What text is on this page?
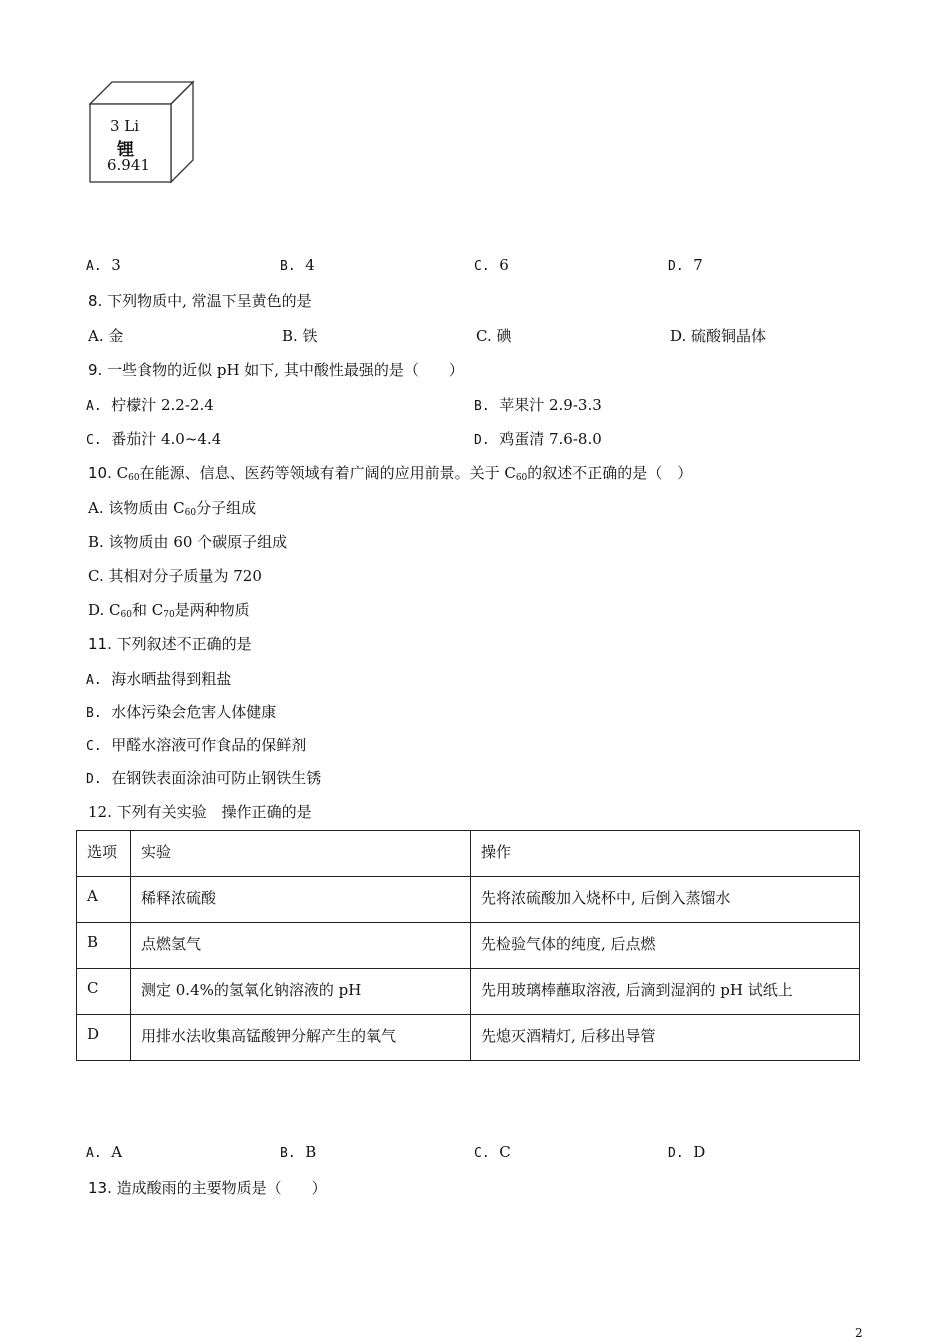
3 Li
锂
6.941
A. 3	B. 4	C. 6	D. 7
8. 下列物质中, 常温下呈黄色的是
A. 金	B. 铁	C. 碘	D. 硫酸铜晶体
9. 一些食物的近似 pH 如下, 其中酸性最强的是（　　）
A. 柠檬汁 2.2-2.4	B. 苹果汁 2.9-3.3
C. 番茄汁 4.0~4.4	D. 鸡蛋清 7.6-8.0
10. $C_{60}$在能源、信息、医药等领域有着广阔的应用前景。关于 $C_{60}$的叙述不正确的是（　）
A. 该物质由 $C_{60}$分子组成
B. 该物质由 60 个碳原子组成
C. 其相对分子质量为 720
D. $C_{60}$和 $C_{70}$是两种物质
11. 下列叙述不正确的是
A. 海水晒盐得到粗盐
B. 水体污染会危害人体健康
C. 甲醛水溶液可作食品的保鲜剂
D. 在钢铁表面涂油可防止钢铁生锈
12. 下列有关实验　操作正确的是
选项	实验	操作
A	稀释浓硫酸	先将浓硫酸加入烧杯中, 后倒入蒸馏水
B	点燃氢气	先检验气体的纯度, 后点燃
C	测定 0.4%的氢氧化钠溶液的 pH	先用玻璃棒蘸取溶液, 后滴到湿润的 pH 试纸上
D	用排水法收集高锰酸钾分解产生的氧气	先熄灭酒精灯, 后移出导管
A. A	B. B	C. C	D. D
13. 造成酸雨的主要物质是（　　）
2
